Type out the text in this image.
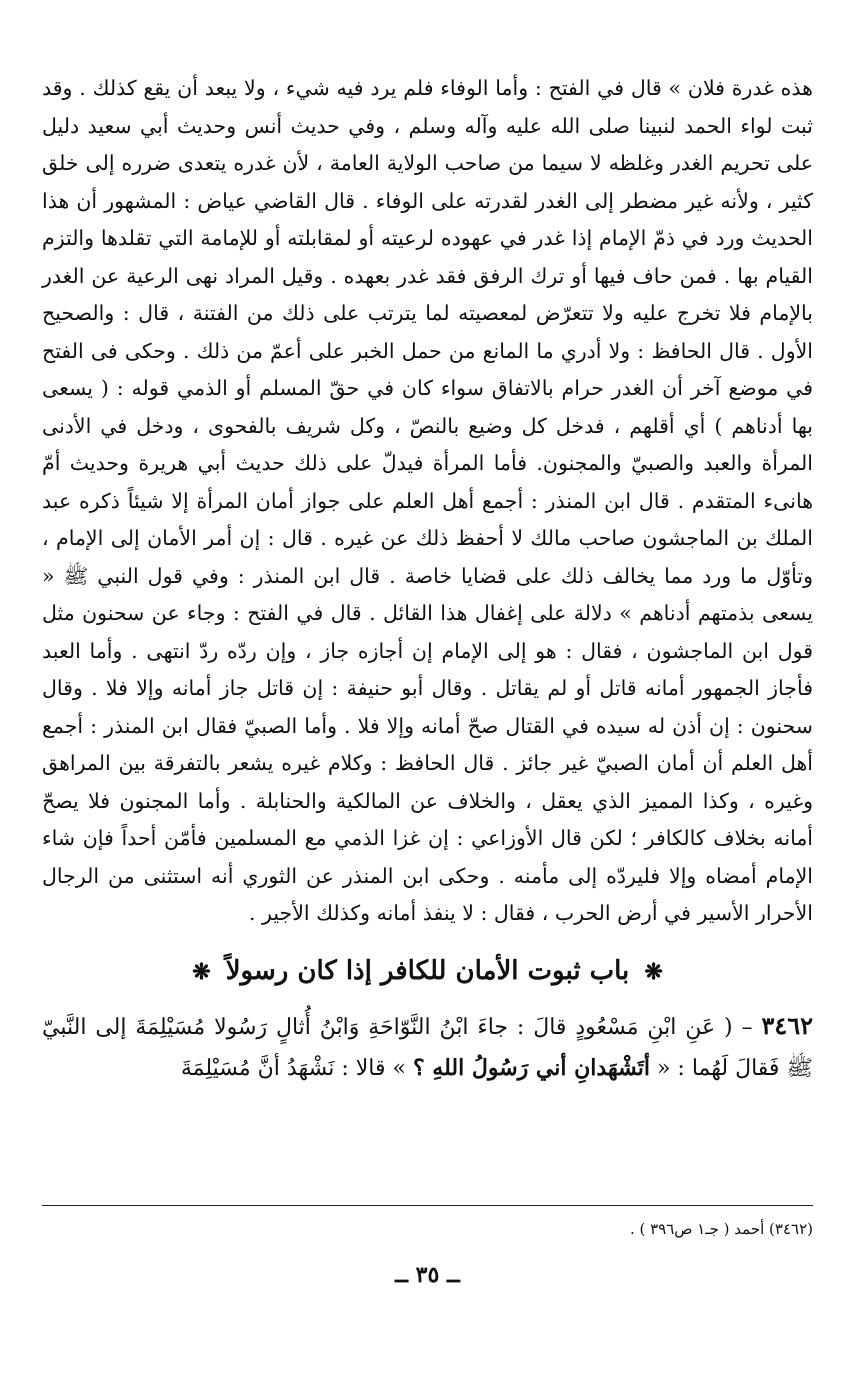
هذه غدرة فلان » قال في الفتح : وأما الوفاء فلم يرد فيه شيء ، ولا يبعد أن يقع كذلك . وقد ثبت لواء الحمد لنبينا صلى الله عليه وآله وسلم ، وفي حديث أنس وحديث أبي سعيد دليل على تحريم الغدر وغلظه لا سيما من صاحب الولاية العامة ، لأن غدره يتعدى ضرره إلى خلق كثير ، ولأنه غير مضطر إلى الغدر لقدرته على الوفاء . قال القاضي عياض : المشهور أن هذا الحديث ورد في ذمّ الإمام إذا غدر في عهوده لرعيته أو لمقابلته أو للإمامة التي تقلدها والتزم القيام بها . فمن حاف فيها أو ترك الرفق فقد غدر بعهده . وقيل المراد نهى الرعية عن الغدر بالإمام فلا تخرج عليه ولا تتعرّض لمعصيته لما يترتب على ذلك من الفتنة ، قال : والصحيح الأول . قال الحافظ : ولا أدري ما المانع من حمل الخبر على أعمّ من ذلك . وحكى فى الفتح في موضع آخر أن الغدر حرام بالاتفاق سواء كان في حقّ المسلم أو الذمي قوله : ( يسعى بها أدناهم ) أي أقلهم ، فدخل كل وضيع بالنصّ ، وكل شريف بالفحوى ، ودخل في الأدنى المرأة والعبد والصبيّ والمجنون. فأما المرأة فيدلّ على ذلك حديث أبي هريرة وحديث أمّ هانىء المتقدم . قال ابن المنذر : أجمع أهل العلم على جواز أمان المرأة إلا شيئاً ذكره عبد الملك بن الماجشون صاحب مالك لا أحفظ ذلك عن غيره . قال : إن أمر الأمان إلى الإمام ، وتأوّل ما ورد مما يخالف ذلك على قضايا خاصة . قال ابن المنذر : وفي قول النبي ﷺ « يسعى بذمتهم أدناهم » دلالة على إغفال هذا القائل . قال في الفتح : وجاء عن سحنون مثل قول ابن الماجشون ، فقال : هو إلى الإمام إن أجازه جاز ، وإن ردّه ردّ انتهى . وأما العبد فأجاز الجمهور أمانه قاتل أو لم يقاتل . وقال أبو حنيفة : إن قاتل جاز أمانه وإلا فلا . وقال سحنون : إن أذن له سيده في القتال صحّ أمانه وإلا فلا . وأما الصبيّ فقال ابن المنذر : أجمع أهل العلم أن أمان الصبيّ غير جائز . قال الحافظ : وكلام غيره يشعر بالتفرقة بين المراهق وغيره ، وكذا المميز الذي يعقل ، والخلاف عن المالكية والحنابلة . وأما المجنون فلا يصحّ أمانه بخلاف كالكافر ؛ لكن قال الأوزاعي : إن غزا الذمي مع المسلمين فأمّن أحداً فإن شاء الإمام أمضاه وإلا فليردّه إلى مأمنه . وحكى ابن المنذر عن الثوري أنه استثنى من الرجال الأحرار الأسير في أرض الحرب ، فقال : لا ينفذ أمانه وكذلك الأجير .

❋ باب ثبوت الأمان للكافر إذا كان رسولاً ❋
٣٤٦٢ – ( عَنِ ابْنِ مَسْعُودٍ قالَ : جاءَ ابْنُ النَّوّاحَةِ وَابْنُ أُثالٍ رَسُولا مُسَيْلِمَةَ إلى النَّبيّ ﷺ فَقالَ لَهُما : « أتَشْهَدانِ أني رَسُولُ اللهِ ؟ » قالا : نَشْهَدُ أنَّ مُسَيْلِمَةَ
(٣٤٦٢) أحمد ( جـ١ ص٣٩٦ ) .
ــ ٣٥ ــ
